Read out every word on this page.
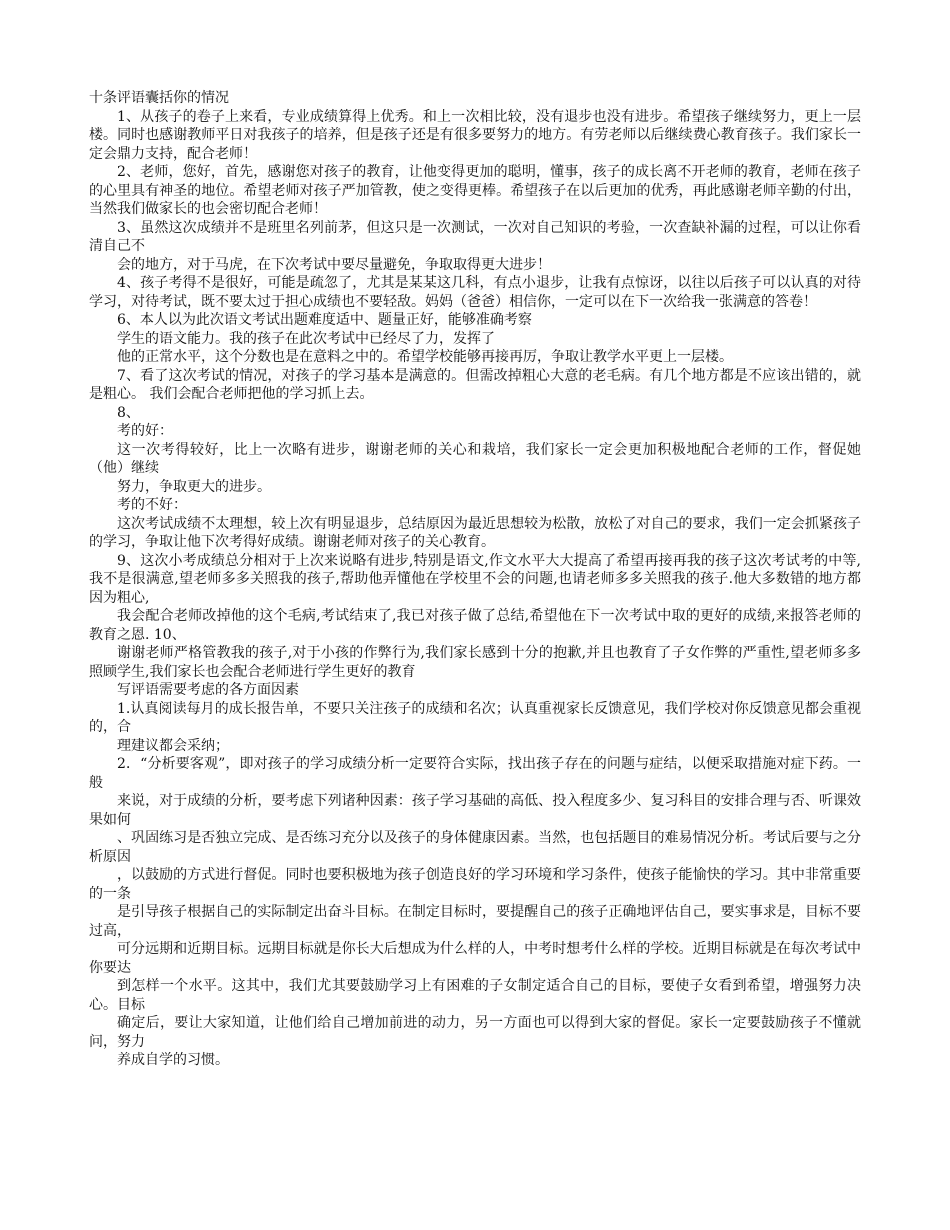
十条评语囊括你的情况

1、从孩子的卷子上来看，专业成绩算得上优秀。和上一次相比较，没有退步也没有进步。希望孩子继续努力，更上一层楼。同时也感谢教师平日对我孩子的培养，但是孩子还是有很多要努力的地方。有劳老师以后继续费心教育孩子。我们家长一定会鼎力支持，配合老师！

2、老师，您好，首先，感谢您对孩子的教育，让他变得更加的聪明，懂事，孩子的成长离不开老师的教育，老师在孩子的心里具有神圣的地位。希望老师对孩子严加管教，使之变得更棒。希望孩子在以后更加的优秀，再此感谢老师辛勤的付出，当然我们做家长的也会密切配合老师！

3、虽然这次成绩并不是班里名列前茅，但这只是一次测试，一次对自己知识的考验，一次查缺补漏的过程，可以让你看清自己不

会的地方，对于马虎，在下次考试中要尽量避免，争取取得更大进步！

4、孩子考得不是很好，可能是疏忽了，尤其是某某这几科，有点小退步，让我有点惊讶，以往以后孩子可以认真的对待学习，对待考试，既不要太过于担心成绩也不要轻敌。妈妈（爸爸）相信你，一定可以在下一次给我一张满意的答卷！

6、本人以为此次语文考试出题难度适中、题量正好，能够准确考察

学生的语文能力。我的孩子在此次考试中已经尽了力，发挥了

他的正常水平，这个分数也是在意料之中的。希望学校能够再接再厉，争取让教学水平更上一层楼。

7、看了这次考试的情况，对孩子的学习基本是满意的。但需改掉粗心大意的老毛病。有几个地方都是不应该出错的，就是粗心。 我们会配合老师把他的学习抓上去。

8、

考的好：

这一次考得较好，比上一次略有进步，谢谢老师的关心和栽培，我们家长一定会更加积极地配合老师的工作，督促她（他）继续

努力，争取更大的进步。

考的不好：

这次考试成绩不太理想，较上次有明显退步，总结原因为最近思想较为松散，放松了对自己的要求，我们一定会抓紧孩子的学习，争取让他下次考得好成绩。谢谢老师对孩子的关心教育。

9、这次小考成绩总分相对于上次来说略有进步,特别是语文,作文水平大大提高了希望再接再我的孩子这次考试考的中等,我不是很满意,望老师多多关照我的孩子,帮助他弄懂他在学校里不会的问题,也请老师多多关照我的孩子.他大多数错的地方都因为粗心,

我会配合老师改掉他的这个毛病,考试结束了,我已对孩子做了总结,希望他在下一次考试中取的更好的成绩,来报答老师的教育之恩. 10、

谢谢老师严格管教我的孩子,对于小孩的作弊行为,我们家长感到十分的抱歉,并且也教育了子女作弊的严重性,望老师多多照顾学生,我们家长也会配合老师进行学生更好的教育

写评语需要考虑的各方面因素

1.认真阅读每月的成长报告单，不要只关注孩子的成绩和名次；认真重视家长反馈意见，我们学校对你反馈意见都会重视的，合

理建议都会采纳；

2．“分析要客观”，即对孩子的学习成绩分析一定要符合实际，找出孩子存在的问题与症结，以便采取措施对症下药。一般

来说，对于成绩的分析，要考虑下列诸种因素：孩子学习基础的高低、投入程度多少、复习科目的安排合理与否、听课效果如何

、巩固练习是否独立完成、是否练习充分以及孩子的身体健康因素。当然，也包括题目的难易情况分析。考试后要与之分析原因

，以鼓励的方式进行督促。同时也要积极地为孩子创造良好的学习环境和学习条件，使孩子能愉快的学习。其中非常重要的一条

是引导孩子根据自己的实际制定出奋斗目标。在制定目标时，要提醒自己的孩子正确地评估自己，要实事求是，目标不要过高，

可分远期和近期目标。远期目标就是你长大后想成为什么样的人，中考时想考什么样的学校。近期目标就是在每次考试中你要达

到怎样一个水平。这其中，我们尤其要鼓励学习上有困难的子女制定适合自己的目标，要使子女看到希望，增强努力决心。目标

确定后，要让大家知道，让他们给自己增加前进的动力，另一方面也可以得到大家的督促。家长一定要鼓励孩子不懂就问，努力

养成自学的习惯。
